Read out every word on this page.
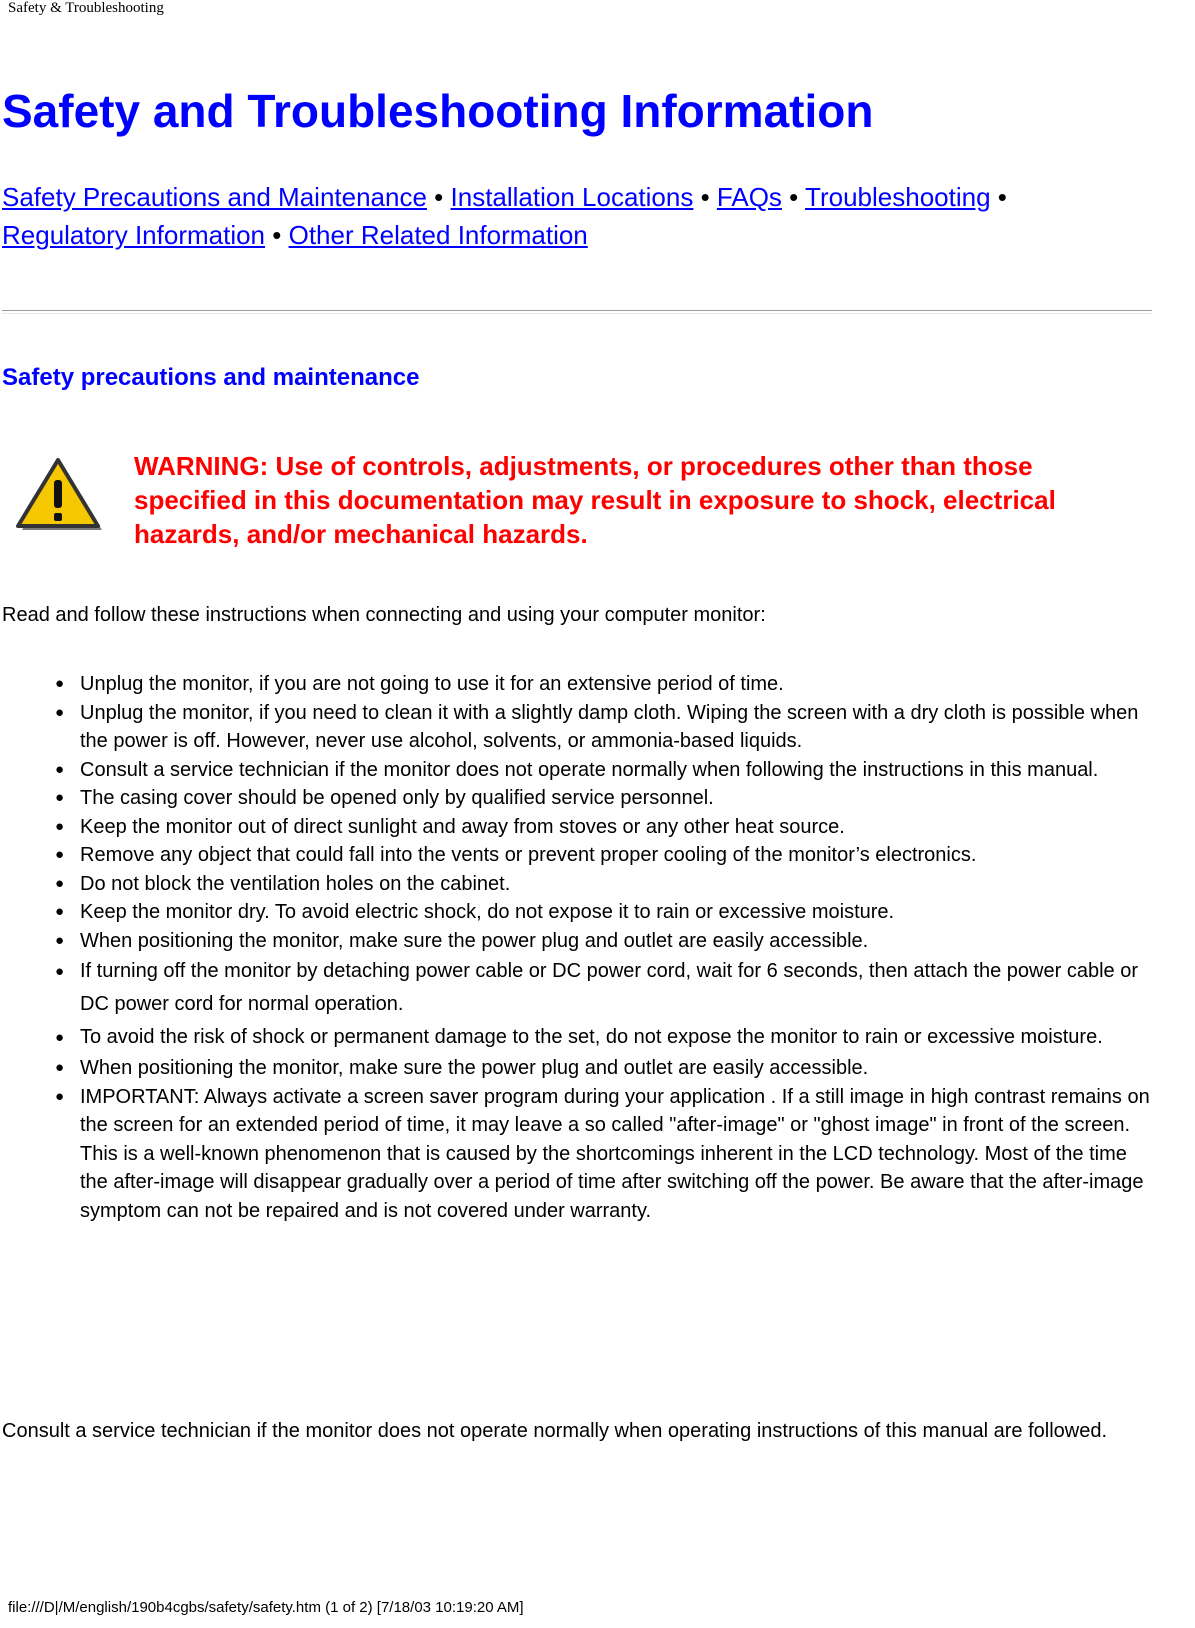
Safety & Troubleshooting
Safety and Troubleshooting Information
Safety Precautions and Maintenance • Installation Locations • FAQs • Troubleshooting •
Regulatory Information • Other Related Information
Safety precautions and maintenance
WARNING: Use of controls, adjustments, or procedures other than those specified in this documentation may result in exposure to shock, electrical hazards, and/or mechanical hazards.
Read and follow these instructions when connecting and using your computer monitor:
● Unplug the monitor, if you are not going to use it for an extensive period of time.
● Unplug the monitor, if you need to clean it with a slightly damp cloth. Wiping the screen with a dry cloth is possible when the power is off. However, never use alcohol, solvents, or ammonia-based liquids.
● Consult a service technician if the monitor does not operate normally when following the instructions in this manual.
● The casing cover should be opened only by qualified service personnel.
● Keep the monitor out of direct sunlight and away from stoves or any other heat source.
● Remove any object that could fall into the vents or prevent proper cooling of the monitor’s electronics.
● Do not block the ventilation holes on the cabinet.
● Keep the monitor dry. To avoid electric shock, do not expose it to rain or excessive moisture.
● When positioning the monitor, make sure the power plug and outlet are easily accessible.
● If turning off the monitor by detaching power cable or DC power cord, wait for 6 seconds, then attach the power cable or DC power cord for normal operation.
● To avoid the risk of shock or permanent damage to the set, do not expose the monitor to rain or excessive moisture.
● When positioning the monitor, make sure the power plug and outlet are easily accessible.
● IMPORTANT: Always activate a screen saver program during your application . If a still image in high contrast remains on the screen for an extended period of time, it may leave a so called "after-image" or "ghost image" in front of the screen. This is a well-known phenomenon that is caused by the shortcomings inherent in the LCD technology. Most of the time the after-image will disappear gradually over a period of time after switching off the power. Be aware that the after-image symptom can not be repaired and is not covered under warranty.
Consult a service technician if the monitor does not operate normally when operating instructions of this manual are followed.
file:///D|/M/english/190b4cgbs/safety/safety.htm (1 of 2) [7/18/03 10:19:20 AM]
